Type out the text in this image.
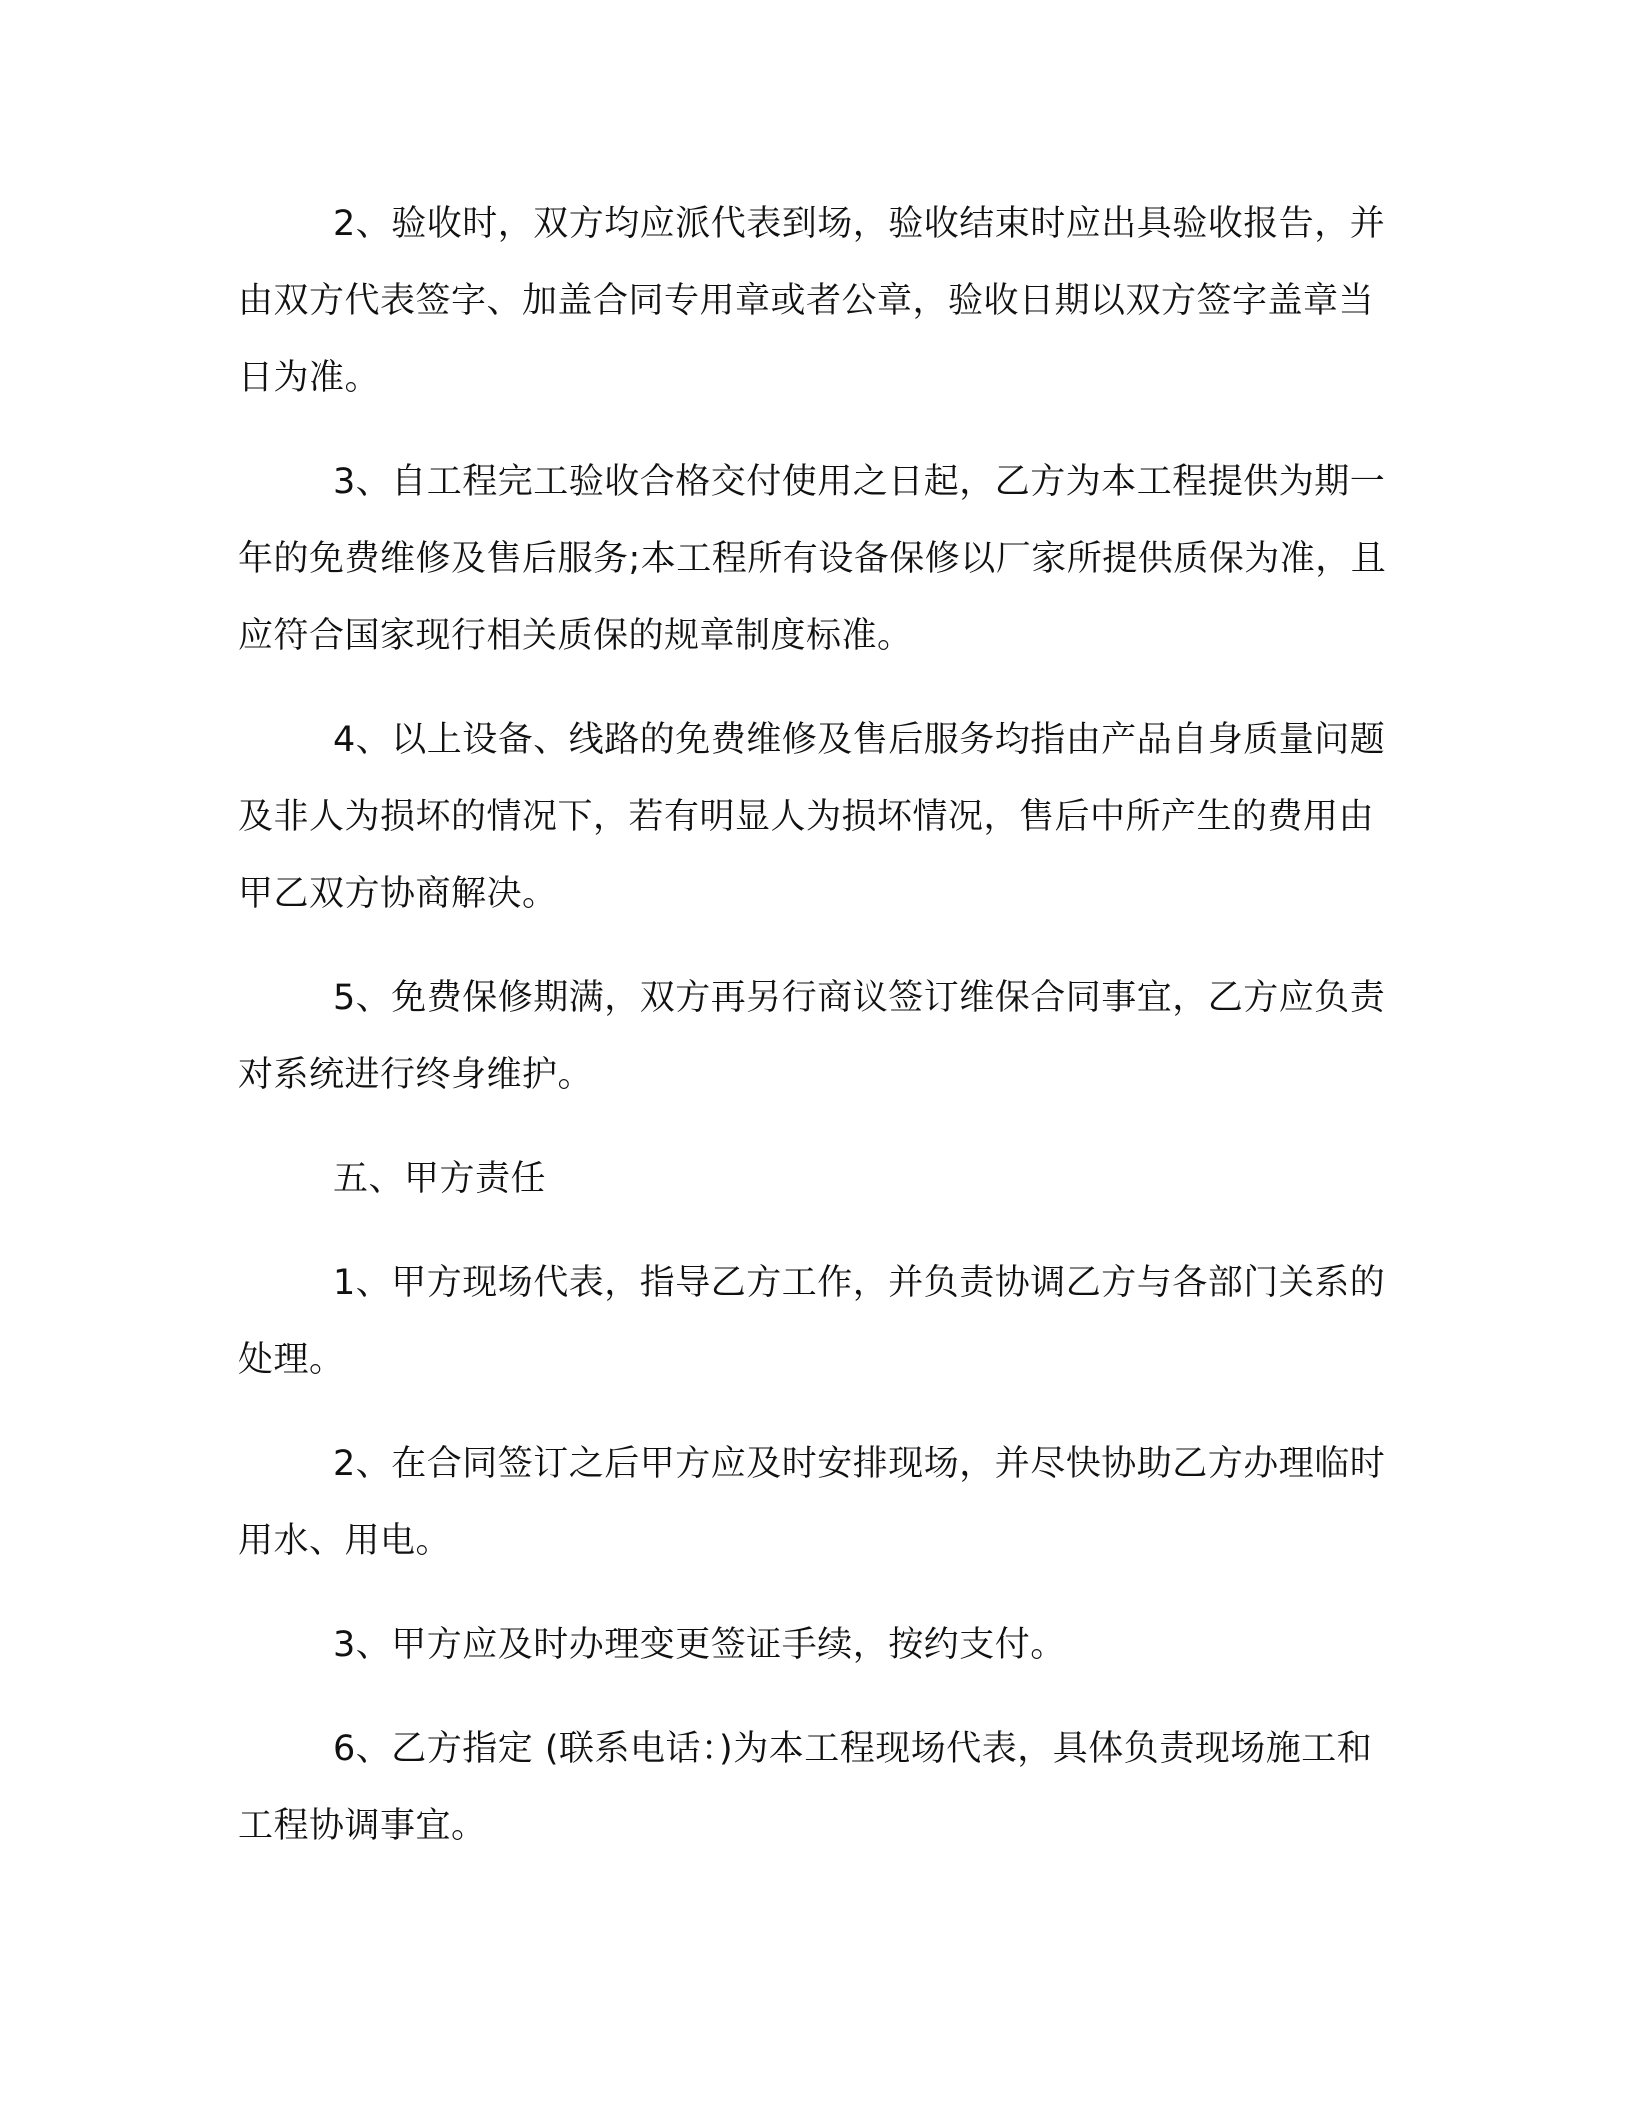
2、验收时，双方均应派代表到场，验收结束时应出具验收报告，并由双方代表签字、加盖合同专用章或者公章，验收日期以双方签字盖章当日为准。

3、自工程完工验收合格交付使用之日起，乙方为本工程提供为期一年的免费维修及售后服务;本工程所有设备保修以厂家所提供质保为准，且应符合国家现行相关质保的规章制度标准。

4、以上设备、线路的免费维修及售后服务均指由产品自身质量问题及非人为损坏的情况下，若有明显人为损坏情况，售后中所产生的费用由甲乙双方协商解决。

5、免费保修期满，双方再另行商议签订维保合同事宜，乙方应负责对系统进行终身维护。

五、甲方责任

1、甲方现场代表，指导乙方工作，并负责协调乙方与各部门关系的处理。

2、在合同签订之后甲方应及时安排现场，并尽快协助乙方办理临时用水、用电。

3、甲方应及时办理变更签证手续，按约支付。

6、乙方指定 (联系电话：)为本工程现场代表，具体负责现场施工和工程协调事宜。
